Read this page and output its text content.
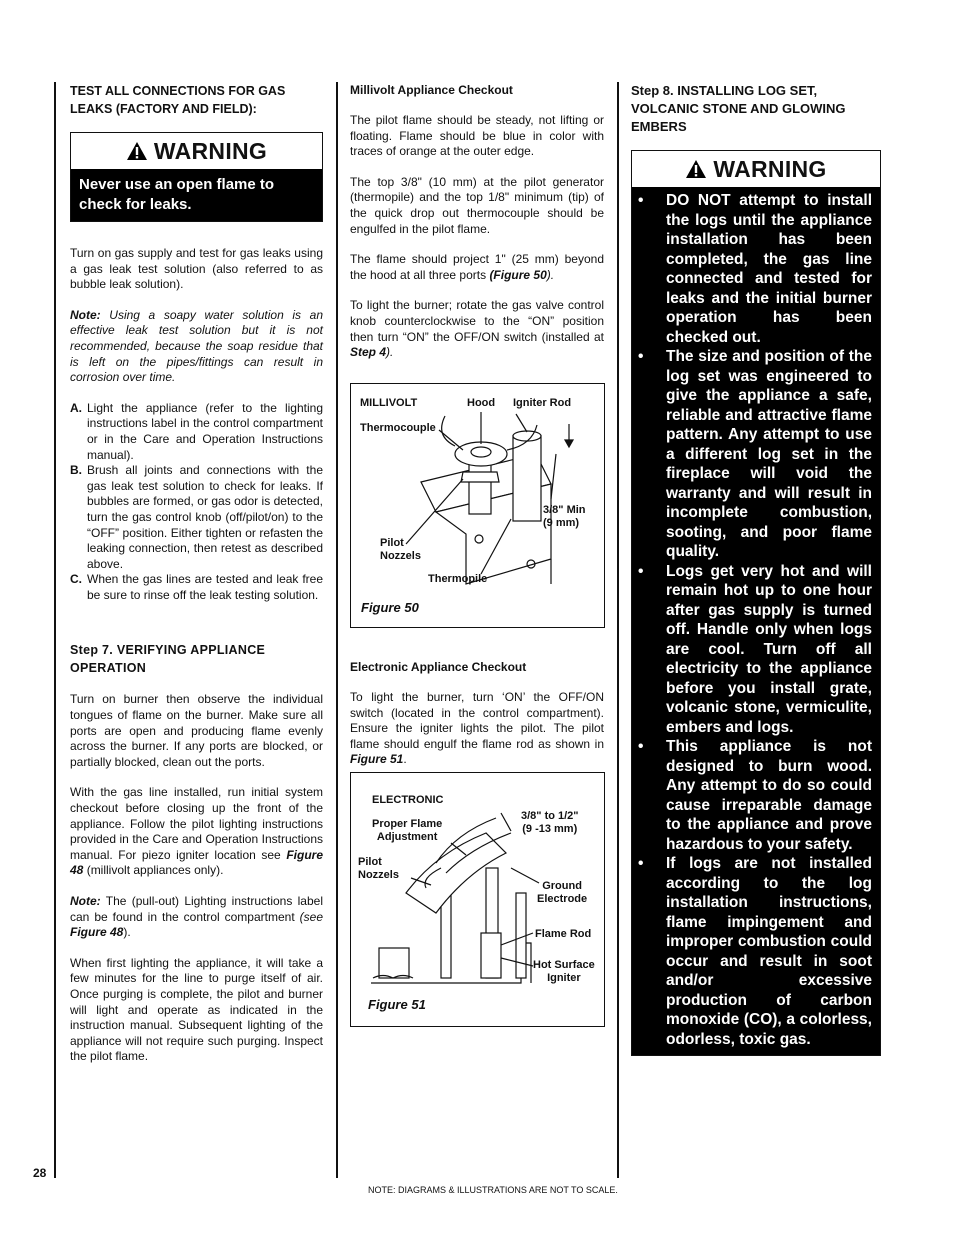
TEST ALL CONNECTIONS FOR GAS LEAKS (FACTORY AND FIELD):

WARNING
Never use an open flame to check for leaks.

Turn on gas supply and test for gas leaks using a gas leak test solution (also referred to as bubble leak solution).

Note: Using a soapy water solution is an effective leak test solution but it is not recommended, because the soap residue that is left on the pipes/fittings can result in corrosion over time.

A. Light the appliance (refer to the lighting instructions label in the control compartment or in the Care and Operation Instructions manual).
B. Brush all joints and connections with the gas leak test solution to check for leaks. If bubbles are formed, or gas odor is detected, turn the gas control knob (off/pilot/on) to the “OFF” position. Either tighten or refasten the leaking connection, then retest as described above.
C. When the gas lines are tested and leak free be sure to rinse off the leak testing solution.

Step 7. VERIFYING APPLIANCE OPERATION

Turn on burner then observe the individual tongues of flame on the burner. Make sure all ports are open and producing flame evenly across the burner. If any ports are blocked, or partially blocked, clean out the ports.

With the gas line installed, run initial system checkout before closing up the front of the appliance. Follow the pilot lighting instructions provided in the Care and Operation Instructions manual. For piezo igniter location see Figure 48 (millivolt appliances only).

Note: The (pull-out) Lighting instructions label can be found in the control compartment (see Figure 48).

When first lighting the appliance, it will take a few minutes for the line to purge itself of air. Once purging is complete, the pilot and burner will light and operate as indicated in the instruction manual. Subsequent lighting of the appliance will not require such purging. Inspect the pilot flame.

Millivolt Appliance Checkout

The pilot flame should be steady, not lifting or floating. Flame should be blue in color with traces of orange at the outer edge.

The top 3/8" (10 mm) at the pilot generator (thermopile) and the top 1/8" minimum (tip) of the quick drop out thermocouple should be engulfed in the pilot flame.

The flame should project 1" (25 mm) beyond the hood at all three ports (Figure 50).

To light the burner; rotate the gas valve control knob counterclockwise to the “ON” position then turn “ON” the OFF/ON switch (installed at Step 4).

MILLIVOLT	Hood Igniter Rod
Thermocouple
3/8" Min
(9 mm)
Pilot
Nozzels
Thermopile
Figure 50

Electronic Appliance Checkout

To light the burner, turn ‘ON’ the OFF/ON switch (located in the control compartment). Ensure the igniter lights the pilot. The pilot flame should engulf the flame rod as shown in Figure 51.

ELECTRONIC
Proper Flame
Adjustment
3/8" to 1/2"
(9 -13 mm)
Pilot
Nozzels
Ground
Electrode
Flame Rod
Hot Surface
Igniter
Figure 51

Step 8. INSTALLING LOG SET, VOLCANIC STONE AND GLOWING EMBERS

WARNING
•	DO NOT attempt to install the logs until the appliance installation has been completed, the gas line connected and tested for leaks and the initial burner operation has been checked out.
•	The size and position of the log set was engineered to give the appliance a safe, reliable and attractive flame pattern. Any attempt to use a different log set in the fireplace will void the warranty and will result in incomplete combustion, sooting, and poor flame quality.
•	Logs get very hot and will remain hot up to one hour after gas supply is turned off. Handle only when logs are cool. Turn off all electricity to the appliance before you install grate, volcanic stone, vermiculite, embers and logs.
•	This appliance is not designed to burn wood. Any attempt to do so could cause irreparable damage to the appliance and prove hazardous to your safety.
•	If logs are not installed according to the log installation instructions, flame impingement and improper combustion could occur and result in soot and/or excessive production of carbon monoxide (CO), a colorless, odorless, toxic gas.
28
NOTE: DIAGRAMS & ILLUSTRATIONS ARE NOT TO SCALE.
